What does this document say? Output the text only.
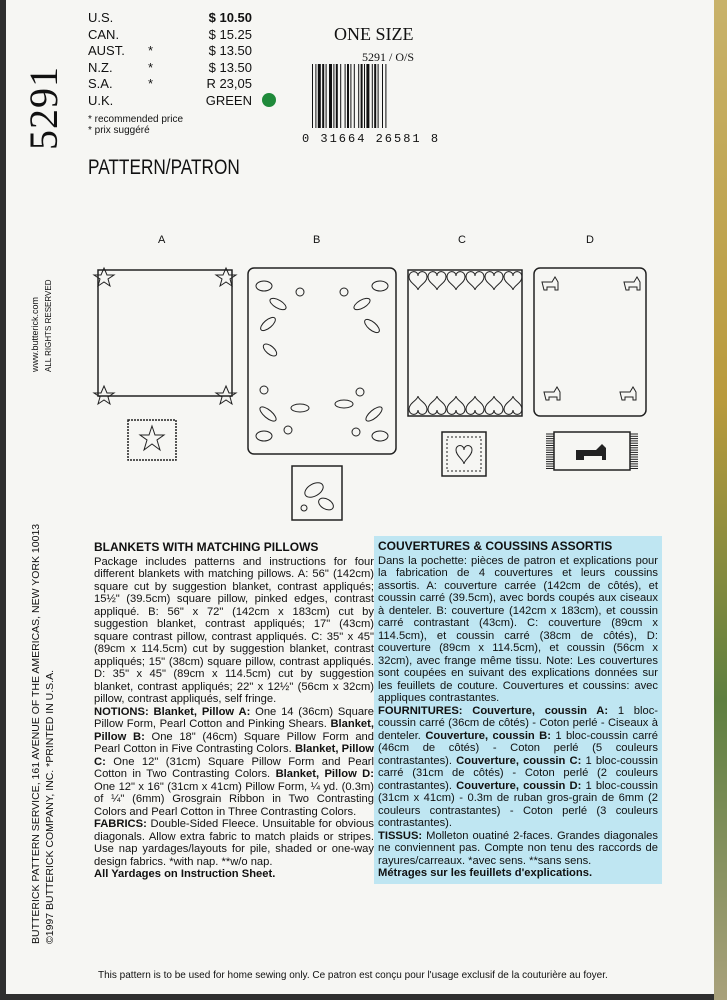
5291
U.S.	$ 10.50
CAN.	$ 15.25
AUST.	*	$ 13.50
N.Z.	*	$ 13.50
S.A.	*	R 23,05
U.K.	GREEN
* recommended price
* prix suggéré
ONE SIZE
5291 / O/S
0 31664 26581 8
PATTERN/PATRON
BUTTERICK PATTERN SERVICE, 161 AVENUE OF THE AMERICAS, NEW YORK 10013 ©1997 BUTTERICK COMPANY, INC. *PRINTED IN U.S.A.
www.butterick.com ALL RIGHTS RESERVED
A	B	C	D
BLANKETS WITH MATCHING PILLOWS
Package includes patterns and instructions for four different blankets with matching pillows. A: 56" (142cm) square cut by suggestion blanket, contrast appliqués; 15½" (39.5cm) square pillow, pinked edges, contrast appliqué. B: 56" x 72" (142cm x 183cm) cut by suggestion blanket, contrast appliqués; 17" (43cm) square contrast pillow, contrast appliqués. C: 35" x 45" (89cm x 114.5cm) cut by suggestion blanket, contrast appliqués; 15" (38cm) square pillow, contrast appliqués. D: 35" x 45" (89cm x 114.5cm) cut by suggestion blanket, contrast appliqués; 22" x 12½" (56cm x 32cm) pillow, contrast appliqués, self fringe.
NOTIONS: Blanket, Pillow A: One 14 (36cm) Square Pillow Form, Pearl Cotton and Pinking Shears. Blanket, Pillow B: One 18" (46cm) Square Pillow Form and Pearl Cotton in Five Contrasting Colors. Blanket, Pillow C: One 12" (31cm) Square Pillow Form and Pearl Cotton in Two Contrasting Colors. Blanket, Pillow D: One 12" x 16" (31cm x 41cm) Pillow Form, ¼ yd. (0.3m) of ¼" (6mm) Grosgrain Ribbon in Two Contrasting Colors and Pearl Cotton in Three Contrasting Colors.
FABRICS: Double-Sided Fleece. Unsuitable for obvious diagonals. Allow extra fabric to match plaids or stripes. Use nap yardages/layouts for pile, shaded or one-way design fabrics. *with nap. **w/o nap.
All Yardages on Instruction Sheet.
COUVERTURES & COUSSINS ASSORTIS
Dans la pochette: pièces de patron et explications pour la fabrication de 4 couvertures et leurs coussins assortis. A: couverture carrée (142cm de côtés), et coussin carré (39.5cm), avec bords coupés aux ciseaux à denteler. B: couverture (142cm x 183cm), et coussin carré contrastant (43cm). C: couverture (89cm x 114.5cm), et coussin carré (38cm de côtés), D: couverture (89cm x 114.5cm), et coussin (56cm x 32cm), avec frange même tissu. Note: Les couvertures sont coupées en suivant des explications données sur les feuillets de couture. Couvertures et coussins: avec appliques contrastantes.
FOURNITURES: Couverture, coussin A: 1 bloc-coussin carré (36cm de côtés) - Coton perlé - Ciseaux à denteler. Couverture, coussin B: 1 bloc-coussin carré (46cm de côtés) - Coton perlé (5 couleurs contrastantes). Couverture, coussin C: 1 bloc-coussin carré (31cm de côtés) - Coton perlé (2 couleurs contrastantes). Couverture, coussin D: 1 bloc-coussin (31cm x 41cm) - 0.3m de ruban gros-grain de 6mm (2 couleurs contrastantes) - Coton perlé (3 couleurs contrastantes).
TISSUS: Molleton ouatiné 2-faces. Grandes diagonales ne conviennent pas. Compte non tenu des raccords de rayures/carreaux. *avec sens. **sans sens.
Métrages sur les feuillets d'explications.
This pattern is to be used for home sewing only. Ce patron est conçu pour l'usage exclusif de la couturière au foyer.
